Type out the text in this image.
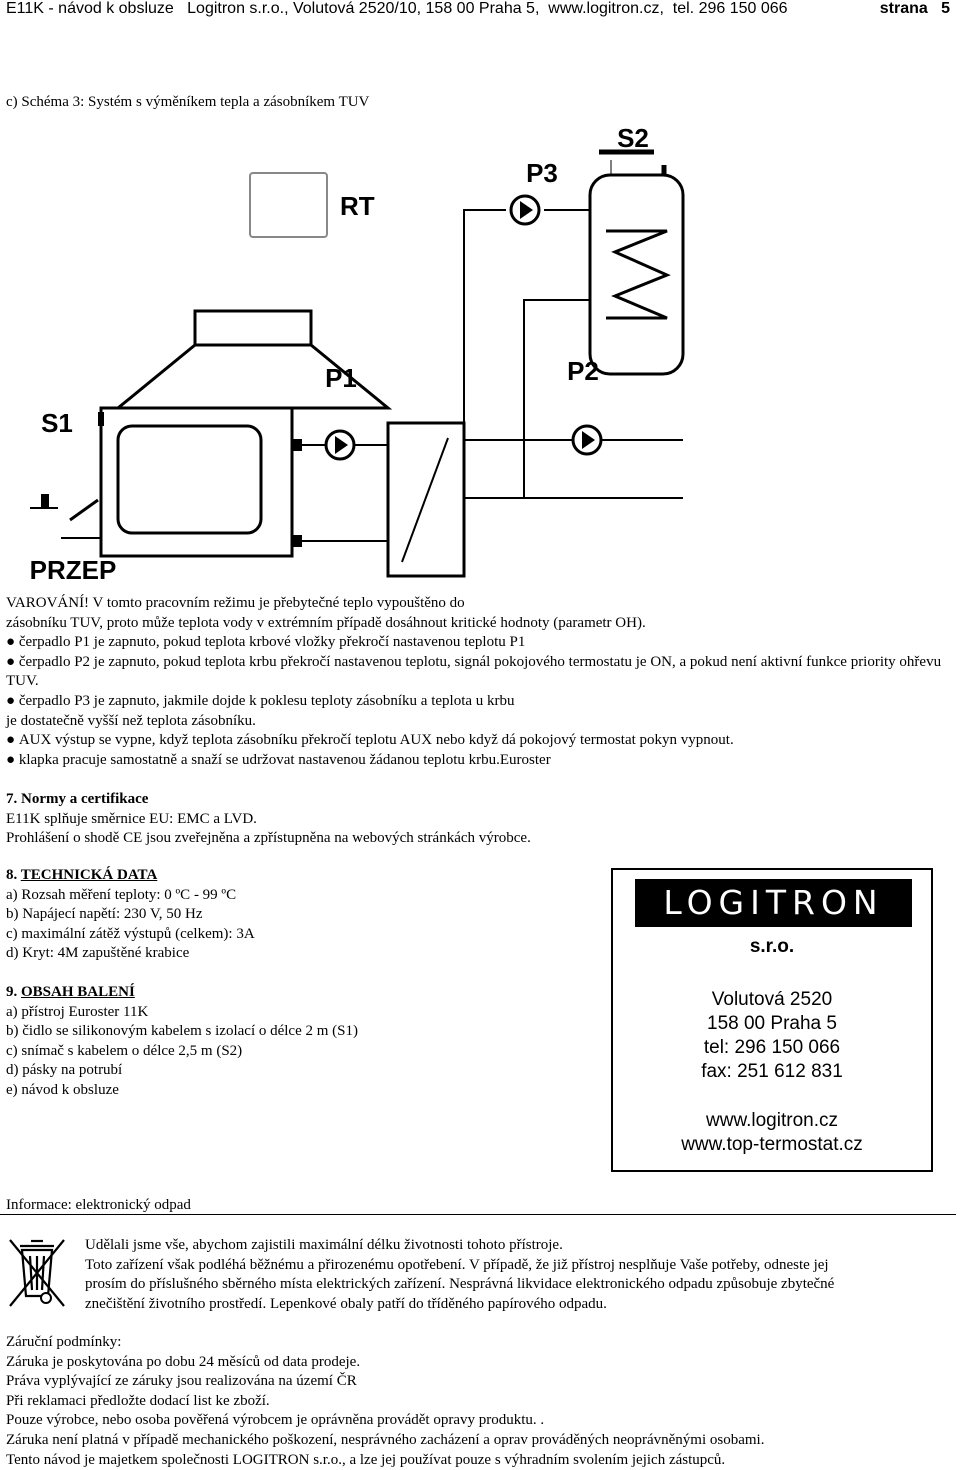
E11K - návod k obsluze   Logitron s.r.o., Volutová 2520/10, 158 00 Praha 5,  www.logitron.cz,  tel. 296 150 066	strana   5
c) Schéma 3: Systém s výměníkem tepla a zásobníkem TUV
RT
S1
S2
P1	P2
P3
PRZEP

VAROVÁNÍ! V tomto pracovním režimu je přebytečné teplo vypouštěno do

zásobníku TUV, proto může teplota vody v extrémním případě dosáhnout kritické hodnoty (parametr OH).

● čerpadlo P1 je zapnuto, pokud teplota krbové vložky překročí nastavenou teplotu P1

● čerpadlo P2 je zapnuto, pokud teplota krbu překročí nastavenou teplotu, signál pokojového termostatu je ON, a pokud není aktivní funkce priority ohřevu TUV.

● čerpadlo P3 je zapnuto, jakmile dojde k poklesu teploty zásobníku a teplota u krbu

je dostatečně vyšší než teplota zásobníku.

● AUX výstup se vypne, když teplota zásobníku překročí teplotu AUX nebo když dá pokojový termostat pokyn vypnout.

● klapka pracuje samostatně a snaží se udržovat nastavenou žádanou teplotu krbu.Euroster

7. Normy a certifikace

E11K splňuje směrnice EU: EMC a LVD.

Prohlášení o shodě CE jsou zveřejněna a zpřístupněna na webových stránkách výrobce.

8. TECHNICKÁ DATA

a) Rozsah měření teploty: 0 ºC - 99 ºC

b) Napájecí napětí: 230 V, 50 Hz

c) maximální zátěž výstupů (celkem): 3A

d) Kryt: 4M zapuštěné krabice

9. OBSAH BALENÍ

a) přístroj Euroster 11K

b) čidlo se silikonovým kabelem s izolací o délce 2 m (S1)

c) snímač s kabelem o délce 2,5 m (S2)

d) pásky na potrubí

e) návod k obsluze

LOGITRON
s.r.o.
Volutová 2520
158 00 Praha 5
tel: 296 150 066
fax: 251 612 831
www.logitron.cz
www.top-termostat.cz
Informace: elektronický odpad

Udělali jsme vše, abychom zajistili maximální délku životnosti tohoto přístroje.

Toto zařízení však podléhá běžnému a přirozenému opotřebení. V případě, že již přístroj nesplňuje Vaše potřeby, odneste jej

prosím do příslušného sběrného místa elektrických zařízení. Nesprávná likvidace elektronického odpadu způsobuje zbytečné

znečištění životního prostředí. Lepenkové obaly patří do tříděného papírového odpadu.

Záruční podmínky:

Záruka je poskytována po dobu 24 měsíců od data prodeje.

Práva vyplývající ze záruky jsou realizována na území ČR

Při reklamaci předložte dodací list ke zboží.

Pouze výrobce, nebo osoba pověřená výrobcem je oprávněna provádět opravy produktu. .

Záruka není platná v případě mechanického poškození, nesprávného zacházení a oprav prováděných neoprávněnými osobami.

Tento návod je majetkem společnosti LOGITRON s.r.o., a lze jej používat pouze s výhradním svolením jejich zástupců.
